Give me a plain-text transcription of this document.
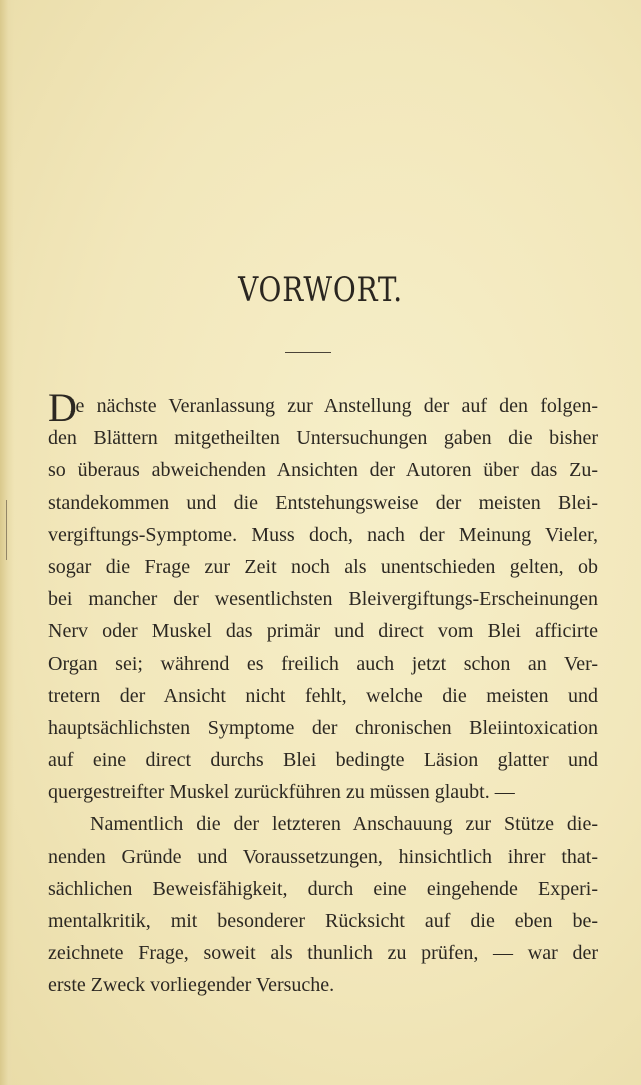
VORWORT.
D
ie nächste Veranlassung zur Anstellung der auf den folgen-
den Blättern mitgetheilten Untersuchungen gaben die bisher
so überaus abweichenden Ansichten der Autoren über das Zu-
standekommen und die Entstehungsweise der meisten Blei-
vergiftungs-Symptome. Muss doch, nach der Meinung Vieler,
sogar die Frage zur Zeit noch als unentschieden gelten, ob
bei mancher der wesentlichsten Bleivergiftungs-Erscheinungen
Nerv oder Muskel das primär und direct vom Blei afficirte
Organ sei; während es freilich auch jetzt schon an Ver-
tretern der Ansicht nicht fehlt, welche die meisten und
hauptsächlichsten Symptome der chronischen Bleiintoxication
auf eine direct durchs Blei bedingte Läsion glatter und
quergestreifter Muskel zurückführen zu müssen glaubt. —
Namentlich die der letzteren Anschauung zur Stütze die-
nenden Gründe und Voraussetzungen, hinsichtlich ihrer that-
sächlichen Beweisfähigkeit, durch eine eingehende Experi-
mentalkritik, mit besonderer Rücksicht auf die eben be-
zeichnete Frage, soweit als thunlich zu prüfen, — war der
erste Zweck vorliegender Versuche.
